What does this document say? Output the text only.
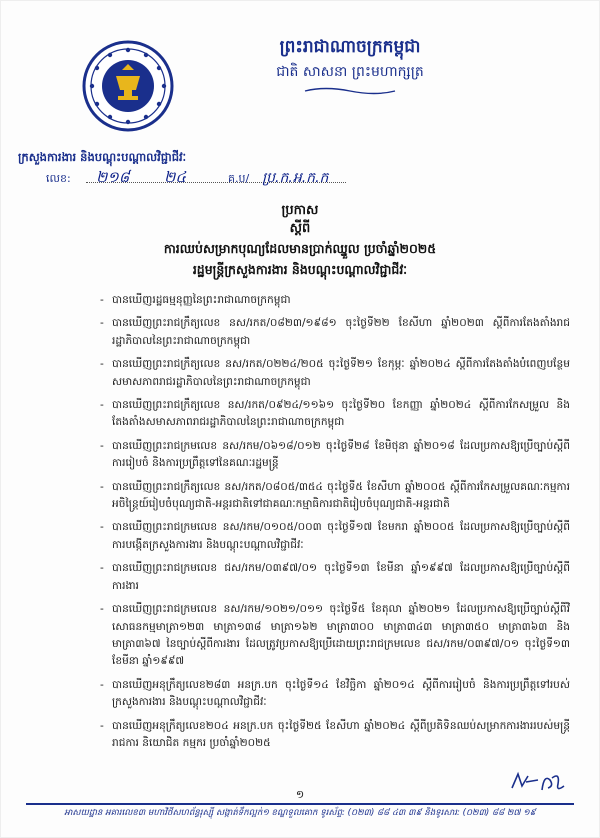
ព្រះរាជាណាចក្រកម្ពុជា
ជាតិ សាសនា ព្រះមហាក្សត្រ
ក្រសួងការងារ និងបណ្តុះបណ្តាលវិជ្ជាជីវៈ
លេខ: ២១៨ ២៤	គ.ប/ ប្រ.ក.អ.ក.ក
ប្រកាស
ស្តីពី
ការឈប់សម្រាកបុណ្យដែលមានប្រាក់ឈ្នួល ប្រចាំឆ្នាំ២០២៥
រដ្ឋមន្ត្រីក្រសួងការងារ និងបណ្តុះបណ្តាលវិជ្ជាជីវៈ
- បានឃើញរដ្ឋធម្មនុញ្ញនៃព្រះរាជាណាចក្រកម្ពុជា
- បានឃើញព្រះរាជក្រឹត្យលេខ នស/រកត/០៨២៣/១៩៨១ ចុះថ្ងៃទី២២ ខែសីហា ឆ្នាំ២០២៣ ស្តីពីការតែងតាំងរាជរដ្ឋាភិបាលនៃព្រះរាជាណាចក្រកម្ពុជា
- បានឃើញព្រះរាជក្រឹត្យលេខ នស/រកត/០២២៤/២០៥ ចុះថ្ងៃទី២១ ខែកុម្ភៈ ឆ្នាំ២០២៤ ស្តីពីការតែងតាំងបំពេញបន្ថែមសមាសភាពរាជរដ្ឋាភិបាលនៃព្រះរាជាណាចក្រកម្ពុជា
- បានឃើញព្រះរាជក្រឹត្យលេខ នស/រកត/០៩២៤/១១៦១ ចុះថ្ងៃទី២០ ខែកញ្ញា ឆ្នាំ២០២៤ ស្តីពីការកែសម្រួល និងតែងតាំងសមាសភាពរាជរដ្ឋាភិបាលនៃព្រះរាជាណាចក្រកម្ពុជា
- បានឃើញព្រះរាជក្រមលេខ នស/រកម/០៦១៨/០១២ ចុះថ្ងៃទី២៨ ខែមិថុនា ឆ្នាំ២០១៨ ដែលប្រកាសឱ្យប្រើច្បាប់ស្តីពីការរៀបចំ និងការប្រព្រឹត្តទៅនៃគណៈរដ្ឋមន្ត្រី
- បានឃើញព្រះរាជក្រឹត្យលេខ នស/រកត/០៨០៥/៣៥៤ ចុះថ្ងៃទី៥ ខែសីហា ឆ្នាំ២០០៥ ស្តីពីការកែសម្រួលគណៈកម្មការអចិន្ត្រៃយ៍រៀបចំបុណ្យជាតិ-អន្តរជាតិទៅជាគណៈកម្មាធិការជាតិរៀបចំបុណ្យជាតិ-អន្តរជាតិ
- បានឃើញព្រះរាជក្រមលេខ នស/រកម/០១០៥/០០៣ ចុះថ្ងៃទី១៧ ខែមករា ឆ្នាំ២០០៥ ដែលប្រកាសឱ្យប្រើច្បាប់ស្តីពីការបង្កើតក្រសួងការងារ និងបណ្តុះបណ្តាលវិជ្ជាជីវៈ
- បានឃើញព្រះរាជក្រមលេខ ជស/រកម/០៣៩៧/០១ ចុះថ្ងៃទី១៣ ខែមីនា ឆ្នាំ១៩៩៧ ដែលប្រកាសឱ្យប្រើច្បាប់ស្តីពីការងារ
- បានឃើញព្រះរាជក្រមលេខ នស/រកម/១០២១/០១១ ចុះថ្ងៃទី៥ ខែតុលា ឆ្នាំ២០២១ ដែលប្រកាសឱ្យប្រើច្បាប់ស្តីពីវិសោធនកម្មមាត្រា១២៣ មាត្រា១៣៨ មាត្រា១៦២ មាត្រា៣០០ មាត្រា៣៤៣ មាត្រា៣៥០ មាត្រា៣៦៣ និងមាត្រា៣៦៧ នៃច្បាប់ស្តីពីការងារ ដែលត្រូវប្រកាសឱ្យប្រើដោយព្រះរាជក្រមលេខ ជស/រកម/០៣៩៧/០១ ចុះថ្ងៃទី១៣ ខែមីនា ឆ្នាំ១៩៩៧
- បានឃើញអនុក្រឹត្យលេខ២៨៣ អនក្រ.បក ចុះថ្ងៃទី១៤ ខែវិច្ឆិកា ឆ្នាំ២០១៤ ស្តីពីការរៀបចំ និងការប្រព្រឹត្តទៅរបស់ក្រសួងការងារ និងបណ្តុះបណ្តាលវិជ្ជាជីវៈ
- បានឃើញអនុក្រឹត្យលេខ២០៤ អនក្រ.បក ចុះថ្ងៃទី២៥ ខែសីហា ឆ្នាំ២០២៤ ស្តីពីប្រតិទិនឈប់សម្រាកការងាររបស់មន្ត្រីរាជការ និយោជិត កម្មករ ប្រចាំឆ្នាំ២០២៥
១
អាសយដ្ឋាន អគារលេខ៣ មហាវិថីសហព័ន្ធរុស្ស៊ី សង្កាត់ទឹកល្អក់១ ខណ្ឌទួលគោក ទូរស័ព្ទ: (០២៣) ៨៨ ៤៣ ៣៩ និងទូរសារ: (០២៣) ៨៨ ២៧ ១៩
